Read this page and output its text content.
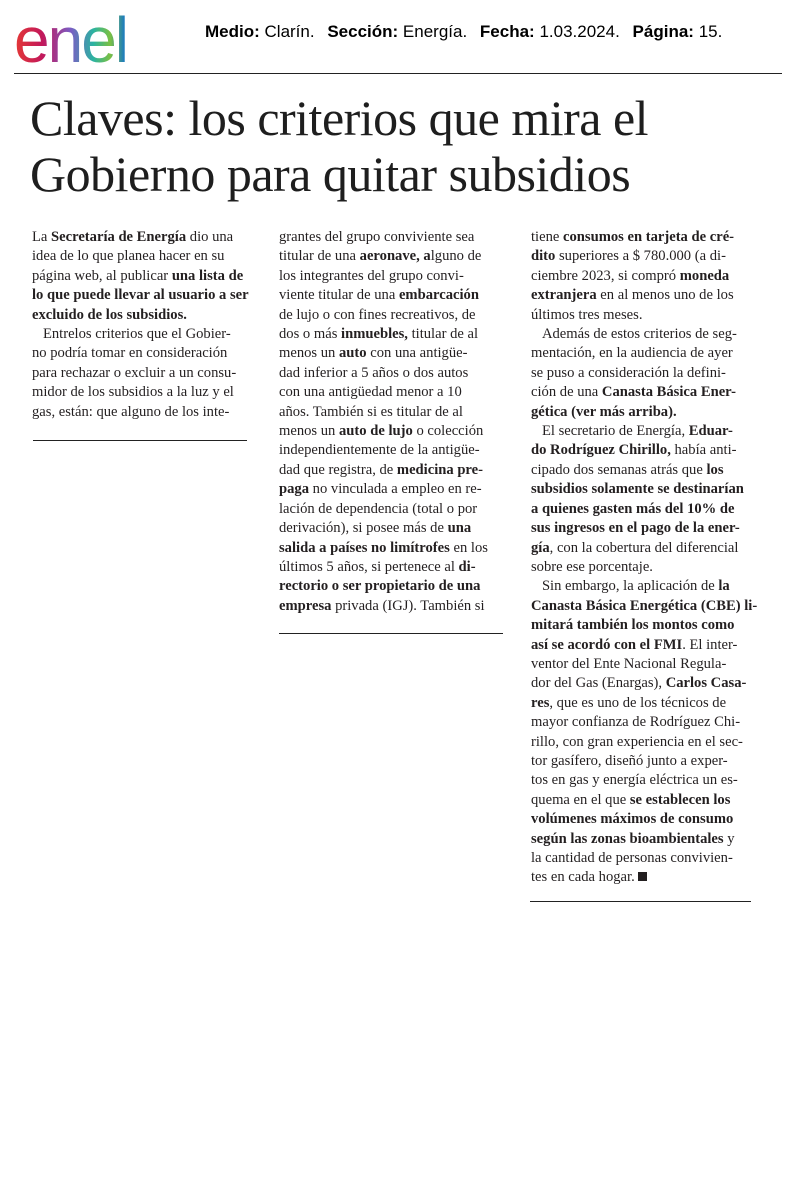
enel	Medio: Clarín. Sección: Energía. Fecha: 1.03.2024. Página: 15.
Claves: los criterios que mira el
Gobierno para quitar subsidios
La Secretaría de Energía dio una
idea de lo que planea hacer en su
página web, al publicar una lista de
lo que puede llevar al usuario a ser
excluido de los subsidios.
Entrelos criterios que el Gobier-
no podría tomar en consideración
para rechazar o excluir a un consu-
midor de los subsidios a la luz y el
gas, están: que alguno de los inte-
grantes del grupo conviviente sea
titular de una aeronave, alguno de
los integrantes del grupo convi-
viente titular de una embarcación
de lujo o con fines recreativos, de
dos o más inmuebles, titular de al
menos un auto con una antigüe-
dad inferior a 5 años o dos autos
con una antigüedad menor a 10
años. También si es titular de al
menos un auto de lujo o colección
independientemente de la antigüe-
dad que registra, de medicina pre-
paga no vinculada a empleo en re-
lación de dependencia (total o por
derivación), si posee más de una
salida a países no limítrofes en los
últimos 5 años, si pertenece al di-
rectorio o ser propietario de una
empresa privada (IGJ). También si
tiene consumos en tarjeta de cré-
dito superiores a $ 780.000 (a di-
ciembre 2023, si compró moneda
extranjera en al menos uno de los
últimos tres meses.
Además de estos criterios de seg-
mentación, en la audiencia de ayer
se puso a consideración la defini-
ción de una Canasta Básica Ener-
gética (ver más arriba).
El secretario de Energía, Eduar-
do Rodríguez Chirillo, había anti-
cipado dos semanas atrás que los
subsidios solamente se destinarían
a quienes gasten más del 10% de
sus ingresos en el pago de la ener-
gía, con la cobertura del diferencial
sobre ese porcentaje.
Sin embargo, la aplicación de la
Canasta Básica Energética (CBE) li-
mitará también los montos como
así se acordó con el FMI. El inter-
ventor del Ente Nacional Regula-
dor del Gas (Enargas), Carlos Casa-
res, que es uno de los técnicos de
mayor confianza de Rodríguez Chi-
rillo, con gran experiencia en el sec-
tor gasífero, diseñó junto a exper-
tos en gas y energía eléctrica un es-
quema en el que se establecen los
volúmenes máximos de consumo
según las zonas bioambientales y
la cantidad de personas convivien-
tes en cada hogar.
